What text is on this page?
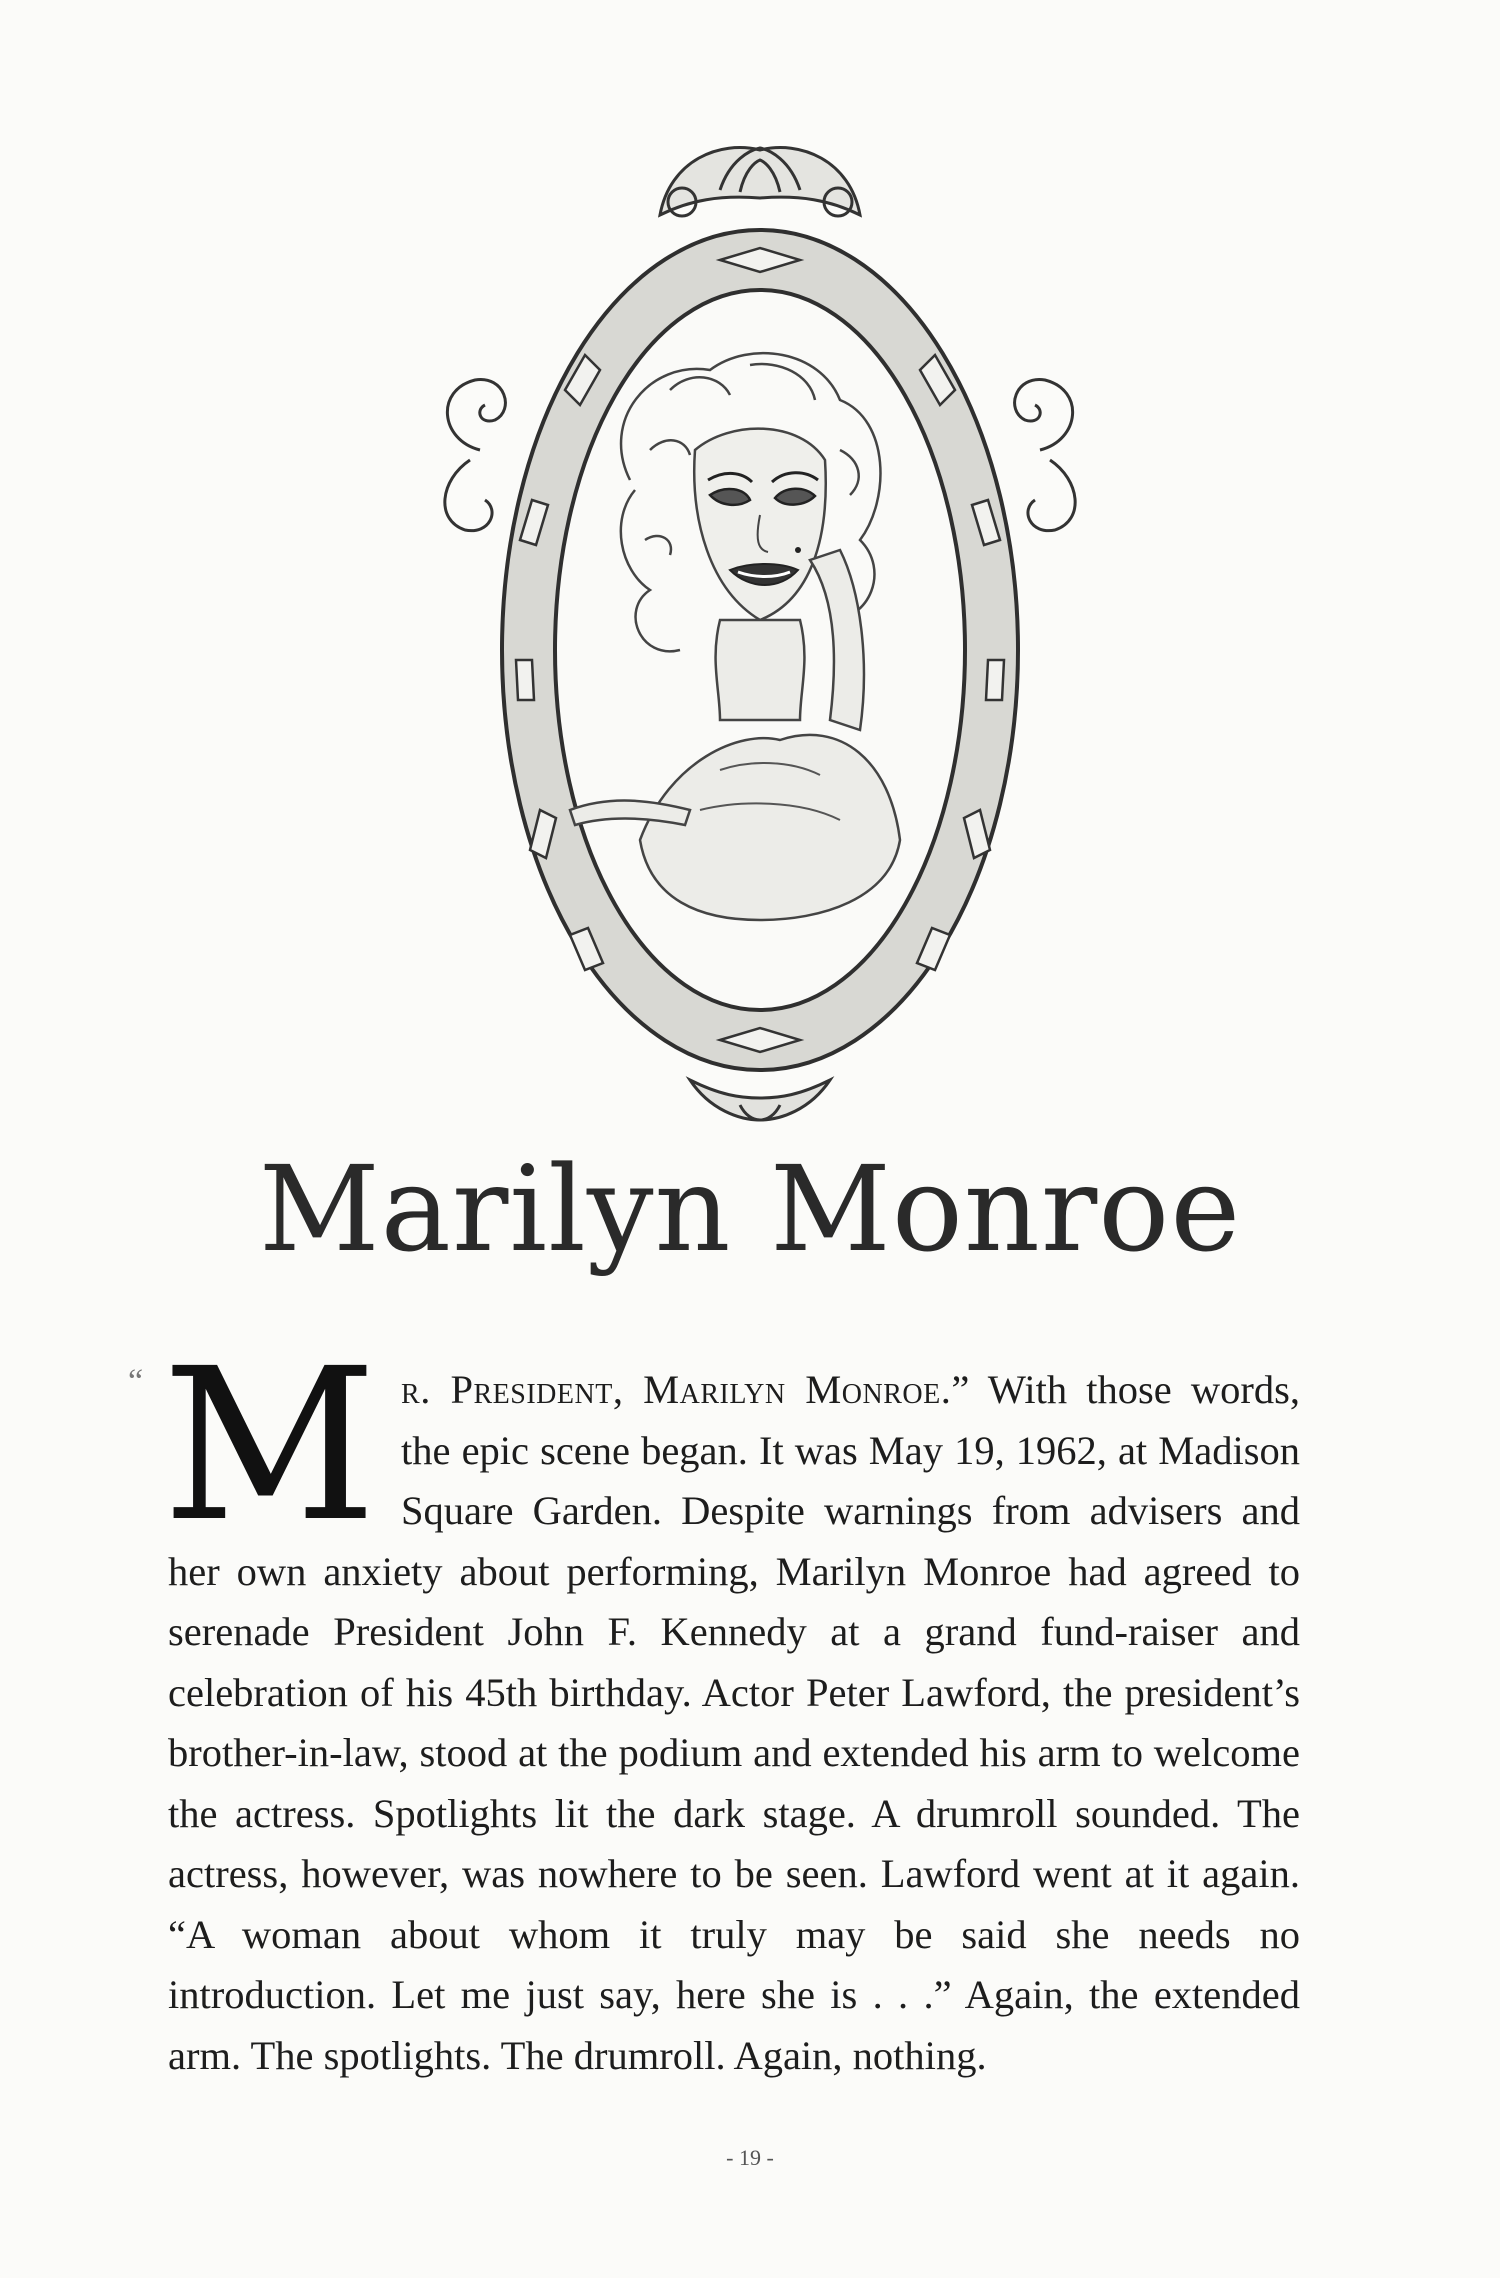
Marilyn Monroe
“ M r. President, Marilyn Monroe.” With those words, the epic scene began. It was May 19, 1962, at Madison Square Garden. Despite warnings from advisers and her own anxiety about performing, Marilyn Monroe had agreed to serenade President John F. Kennedy at a grand fund-raiser and celebration of his 45th birthday. Actor Peter Lawford, the president’s brother-in-law, stood at the podium and extended his arm to welcome the actress. Spotlights lit the dark stage. A drumroll sounded. The actress, however, was nowhere to be seen. Lawford went at it again. “A woman about whom it truly may be said she needs no introduction. Let me just say, here she is . . .” Again, the extended arm. The spotlights. The drumroll. Again, nothing.
- 19 -
